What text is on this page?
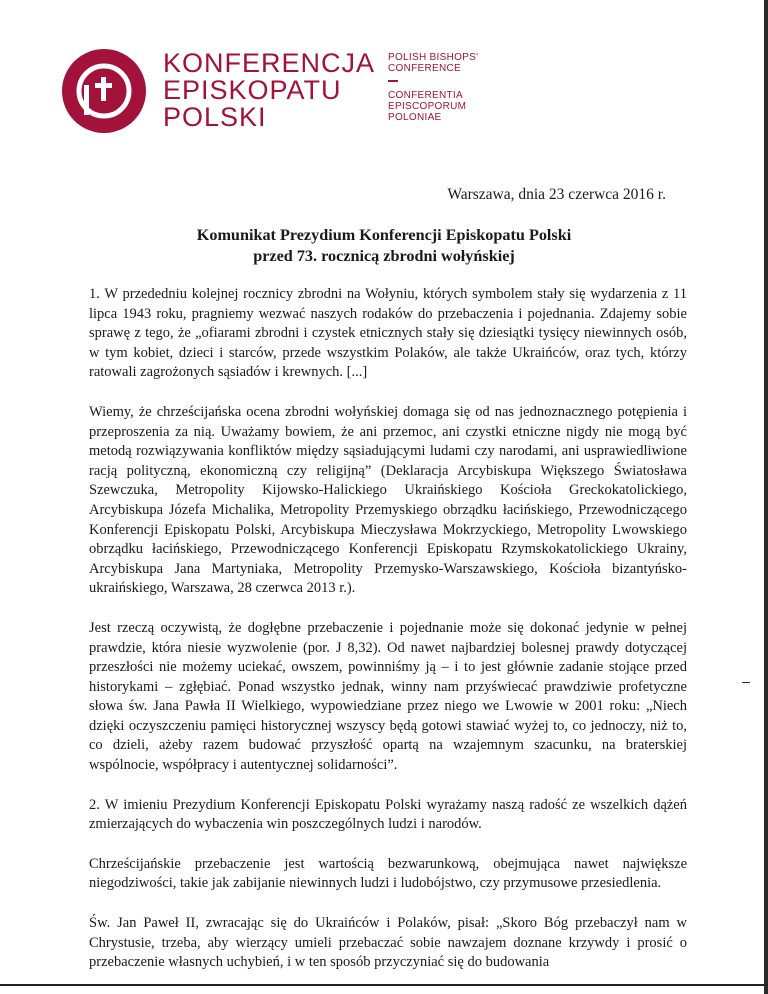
KONFERENCJA
EPISKOPATU
POLSKI
POLISH BISHOPS'
CONFERENCE
CONFERENTIA
EPISCOPORUM
POLONIAE
Warszawa, dnia 23 czerwca 2016 r.
Komunikat Prezydium Konferencji Episkopatu Polski
przed 73. rocznicą zbrodni wołyńskiej

1. W przededniu kolejnej rocznicy zbrodni na Wołyniu, których symbolem stały się wydarzenia z 11 lipca 1943 roku, pragniemy wezwać naszych rodaków do przebaczenia i pojednania. Zdajemy sobie sprawę z tego, że „ofiarami zbrodni i czystek etnicznych stały się dziesiątki tysięcy niewinnych osób, w tym kobiet, dzieci i starców, przede wszystkim Polaków, ale także Ukraińców, oraz tych, którzy ratowali zagrożonych sąsiadów i krewnych. [...]

Wiemy, że chrześcijańska ocena zbrodni wołyńskiej domaga się od nas jednoznacznego potępienia i przeproszenia za nią. Uważamy bowiem, że ani przemoc, ani czystki etniczne nigdy nie mogą być metodą rozwiązywania konfliktów między sąsiadującymi ludami czy narodami, ani usprawiedliwione racją polityczną, ekonomiczną czy religijną” (Deklaracja Arcybiskupa Większego Światosława Szewczuka, Metropolity Kijowsko-Halickiego Ukraińskiego Kościoła Greckokatolickiego, Arcybiskupa Józefa Michalika, Metropolity Przemyskiego obrządku łacińskiego, Przewodniczącego Konferencji Episkopatu Polski, Arcybiskupa Mieczysława Mokrzyckiego, Metropolity Lwowskiego obrządku łacińskiego, Przewodniczącego Konferencji Episkopatu Rzymskokatolickiego Ukrainy, Arcybiskupa Jana Martyniaka, Metropolity Przemysko-Warszawskiego, Kościoła bizantyńsko-ukraińskiego, Warszawa, 28 czerwca 2013 r.).

Jest rzeczą oczywistą, że dogłębne przebaczenie i pojednanie może się dokonać jedynie w pełnej prawdzie, która niesie wyzwolenie (por. J 8,32). Od nawet najbardziej bolesnej prawdy dotyczącej przeszłości nie możemy uciekać, owszem, powinniśmy ją – i to jest głównie zadanie stojące przed historykami – zgłębiać. Ponad wszystko jednak, winny nam przyświecać prawdziwie profetyczne słowa św. Jana Pawła II Wielkiego, wypowiedziane przez niego we Lwowie w 2001 roku: „Niech dzięki oczyszczeniu pamięci historycznej wszyscy będą gotowi stawiać wyżej to, co jednoczy, niż to, co dzieli, ażeby razem budować przyszłość opartą na wzajemnym szacunku, na braterskiej wspólnocie, współpracy i autentycznej solidarności”.

2. W imieniu Prezydium Konferencji Episkopatu Polski wyrażamy naszą radość ze wszelkich dążeń zmierzających do wybaczenia win poszczególnych ludzi i narodów.

Chrześcijańskie przebaczenie jest wartością bezwarunkową, obejmująca nawet największe niegodziwości, takie jak zabijanie niewinnych ludzi i ludobójstwo, czy przymusowe przesiedlenia.

Św. Jan Paweł II, zwracając się do Ukraińców i Polaków, pisał: „Skoro Bóg przebaczył nam w Chrystusie, trzeba, aby wierzący umieli przebaczać sobie nawzajem doznane krzywdy i prosić o przebaczenie własnych uchybień, i w ten sposób przyczyniać się do budowania
